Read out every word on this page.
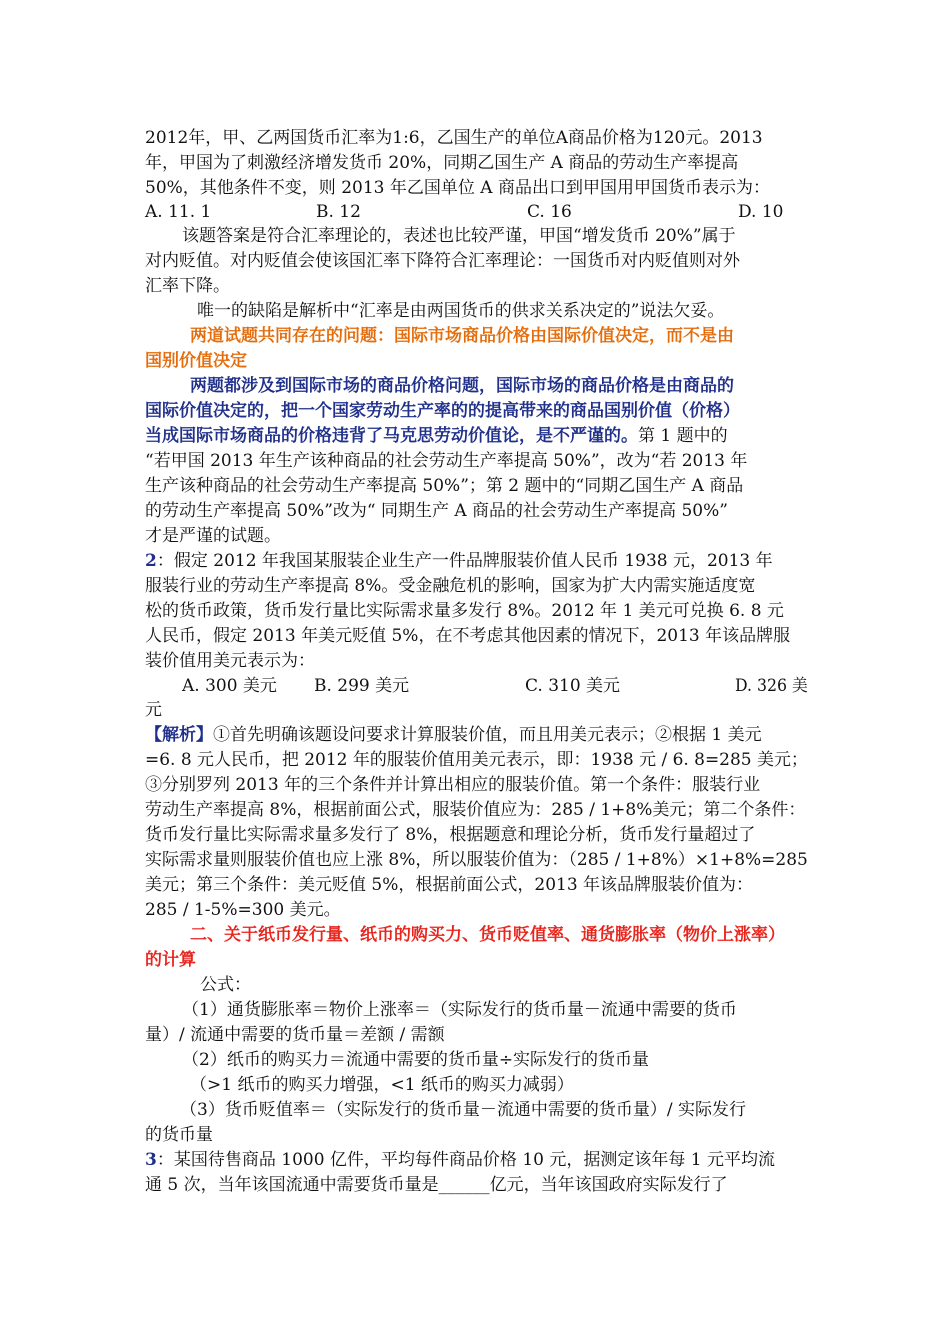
2012年，甲、乙两国货币汇率为1:6，乙国生产的单位A商品价格为120元。2013
年，甲国为了刺激经济增发货币 20%，同期乙国生产 A 商品的劳动生产率提高
50%，其他条件不变，则 2013 年乙国单位 A 商品出口到甲国用甲国货币表示为：
A. 11. 1	B. 12	C. 16	D. 10
该题答案是符合汇率理论的，表述也比较严谨，甲国“增发货币 20%”属于
对内贬值。对内贬值会使该国汇率下降符合汇率理论：一国货币对内贬值则对外
汇率下降。
唯一的缺陷是解析中“汇率是由两国货币的供求关系决定的”说法欠妥。
两道试题共同存在的问题：国际市场商品价格由国际价值决定，而不是由
国别价值决定
两题都涉及到国际市场的商品价格问题，国际市场的商品价格是由商品的
国际价值决定的，把一个国家劳动生产率的的提高带来的商品国别价值（价格）
当成国际市场商品的价格违背了马克思劳动价值论，是不严谨的。第 1 题中的
“若甲国 2013 年生产该种商品的社会劳动生产率提高 50%”，改为“若 2013 年
生产该种商品的社会劳动生产率提高 50%”；第 2 题中的“同期乙国生产 A 商品
的劳动生产率提高 50%”改为“ 同期生产 A 商品的社会劳动生产率提高 50%”
才是严谨的试题。
2：假定 2012 年我国某服装企业生产一件品牌服装价值人民币 1938 元，2013 年
服装行业的劳动生产率提高 8%。受金融危机的影响，国家为扩大内需实施适度宽
松的货币政策，货币发行量比实际需求量多发行 8%。2012 年 1 美元可兑换 6. 8 元
人民币，假定 2013 年美元贬值 5%，在不考虑其他因素的情况下，2013 年该品牌服
装价值用美元表示为：
A. 300 美元 B. 299 美元	C. 310 美元	D. 326 美
元
【解析】①首先明确该题设问要求计算服装价值，而且用美元表示；②根据 1 美元
=6. 8 元人民币，把 2012 年的服装价值用美元表示，即：1938 元 / 6. 8=285 美元；
③分别罗列 2013 年的三个条件并计算出相应的服装价值。第一个条件：服装行业
劳动生产率提高 8%，根据前面公式，服装价值应为：285 / 1+8%美元；第二个条件：
货币发行量比实际需求量多发行了 8%，根据题意和理论分析，货币发行量超过了
实际需求量则服装价值也应上涨 8%，所以服装价值为：（285 / 1+8%）×1+8%=285
美元；第三个条件：美元贬值 5%，根据前面公式，2013 年该品牌服装价值为：
285 / 1-5%=300 美元。
二、关于纸币发行量、纸币的购买力、货币贬值率、通货膨胀率（物价上涨率）
的计算
公式：
（1）通货膨胀率＝物价上涨率＝（实际发行的货币量－流通中需要的货币
量）/ 流通中需要的货币量＝差额 / 需额
（2）纸币的购买力＝流通中需要的货币量÷实际发行的货币量
（>1 纸币的购买力增强，<1 纸币的购买力减弱）
（3）货币贬值率＝（实际发行的货币量－流通中需要的货币量）/ 实际发行
的货币量
3：某国待售商品 1000 亿件，平均每件商品价格 10 元，据测定该年每 1 元平均流
通 5 次，当年该国流通中需要货币量是______亿元，当年该国政府实际发行了
